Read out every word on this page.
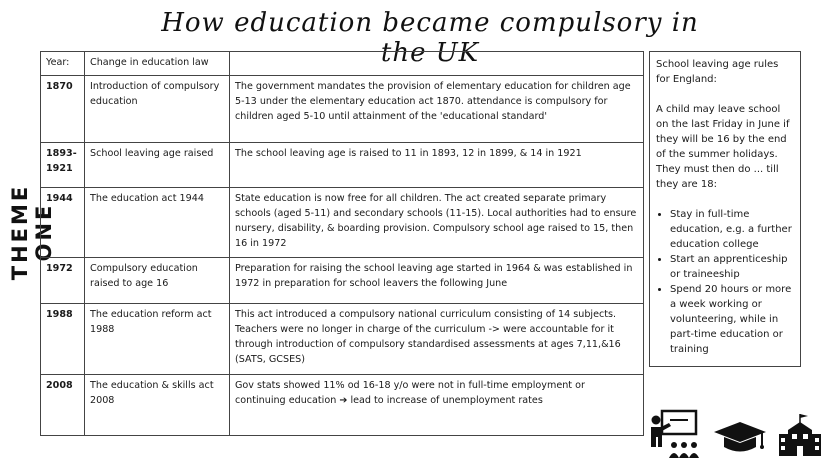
How education became compulsory in the UK
THEME ONE
Year:	Change in education law	
1870	Introduction of compulsory education	The government mandates the provision of elementary education for children age 5-13 under the elementary education act 1870. attendance is compulsory for children aged 5-10 until attainment of the 'educational standard'
1893-1921	School leaving age raised	The school leaving age is raised to 11 in 1893, 12 in 1899, & 14 in 1921
1944	The education act 1944	State education is now free for all children. The act created separate primary schools (aged 5-11) and secondary schools (11-15). Local authorities had to ensure nursery, disability, & boarding provision. Compulsory school age raised to 15, then 16 in 1972
1972	Compulsory education raised to age 16	Preparation for raising the school leaving age started in 1964 & was established in 1972 in preparation for school leavers the following June
1988	The education reform act 1988	This act introduced a compulsory national curriculum consisting of 14 subjects. Teachers were no longer in charge of the curriculum -> were accountable for it through introduction of compulsory standardised assessments at ages 7,11,&16 (SATS, GCSES)
2008	The education & skills act 2008	Gov stats showed 11% od 16-18 y/o were not in full-time employment or continuing education ➔ lead to increase of unemployment rates

School leaving age rules for England:

A child may leave school on the last Friday in June if they will be 16 by the end of the summer holidays. They must then do ... till they are 18:

• Stay in full-time education, e.g. a further education college
• Start an apprenticeship or traineeship
• Spend 20 hours or more a week working or volunteering, while in part-time education or training
